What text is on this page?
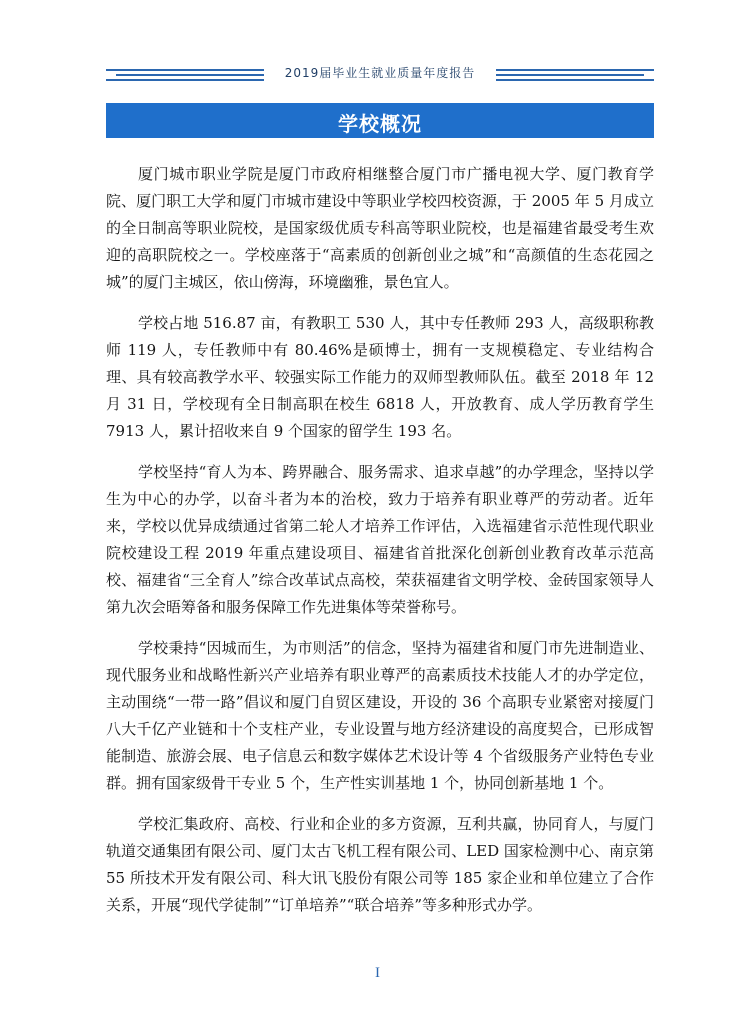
2019届毕业生就业质量年度报告
学校概况

厦门城市职业学院是厦门市政府相继整合厦门市广播电视大学、厦门教育学院、厦门职工大学和厦门市城市建设中等职业学校四校资源，于 2005 年 5 月成立的全日制高等职业院校，是国家级优质专科高等职业院校，也是福建省最受考生欢迎的高职院校之一。学校座落于“高素质的创新创业之城”和“高颜值的生态花园之城”的厦门主城区，依山傍海，环境幽雅，景色宜人。

学校占地 516.87 亩，有教职工 530 人，其中专任教师 293 人，高级职称教师 119 人，专任教师中有 80.46%是硕博士，拥有一支规模稳定、专业结构合理、具有较高教学水平、较强实际工作能力的双师型教师队伍。截至 2018 年 12 月 31 日，学校现有全日制高职在校生 6818 人，开放教育、成人学历教育学生 7913 人，累计招收来自 9 个国家的留学生 193 名。

学校坚持“育人为本、跨界融合、服务需求、追求卓越”的办学理念，坚持以学生为中心的办学，以奋斗者为本的治校，致力于培养有职业尊严的劳动者。近年来，学校以优异成绩通过省第二轮人才培养工作评估，入选福建省示范性现代职业院校建设工程 2019 年重点建设项目、福建省首批深化创新创业教育改革示范高校、福建省“三全育人”综合改革试点高校，荣获福建省文明学校、金砖国家领导人第九次会晤筹备和服务保障工作先进集体等荣誉称号。

学校秉持“因城而生，为市则活”的信念，坚持为福建省和厦门市先进制造业、现代服务业和战略性新兴产业培养有职业尊严的高素质技术技能人才的办学定位，主动围绕“一带一路”倡议和厦门自贸区建设，开设的 36 个高职专业紧密对接厦门八大千亿产业链和十个支柱产业，专业设置与地方经济建设的高度契合，已形成智能制造、旅游会展、电子信息云和数字媒体艺术设计等 4 个省级服务产业特色专业群。拥有国家级骨干专业 5 个，生产性实训基地 1 个，协同创新基地 1 个。

学校汇集政府、高校、行业和企业的多方资源，互利共赢，协同育人，与厦门轨道交通集团有限公司、厦门太古飞机工程有限公司、LED 国家检测中心、南京第 55 所技术开发有限公司、科大讯飞股份有限公司等 185 家企业和单位建立了合作关系，开展“现代学徒制”“订单培养”“联合培养”等多种形式办学。

I
